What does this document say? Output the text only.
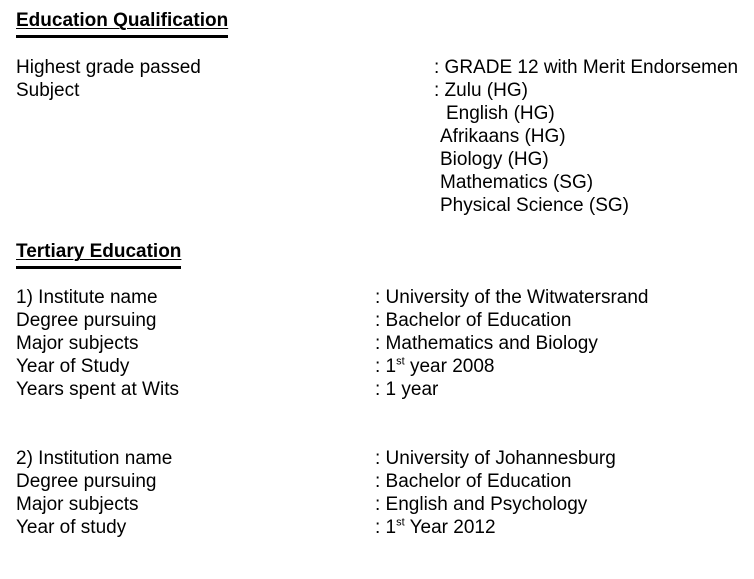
Education Qualification
Highest grade passed	: GRADE 12 with Merit Endorsemen
Subject	: Zulu (HG)
English (HG)
Afrikaans (HG)
Biology (HG)
Mathematics (SG)
Physical Science (SG)
Tertiary Education
1) Institute name	: University of the Witwatersrand
Degree pursuing	: Bachelor of Education
Major subjects	: Mathematics and Biology
Year of Study	: 1st year 2008
Years spent at Wits	: 1 year
2) Institution name	: University of Johannesburg
Degree pursuing	: Bachelor of Education
Major subjects	: English and Psychology
Year of study	: 1st Year 2012
